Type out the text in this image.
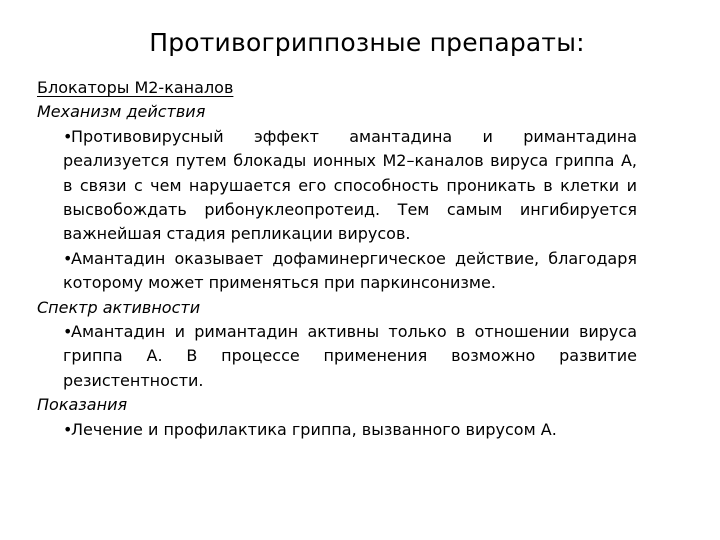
Противогриппозные препараты:
Блокаторы М2-каналов
Механизм действия
•
Противовирусный эффект амантадина и римантадина реализуется путем блокады ионных М2–каналов вируса гриппа А, в связи с чем нарушается его способность проникать в клетки и высвобождать рибонуклеопротеид. Тем самым ингибируется важнейшая стадия репликации вирусов.
•
Амантадин оказывает дофаминергическое действие, благодаря которому может применяться при паркинсонизме.
Спектр активности
•
Амантадин и римантадин активны только в отношении вируса гриппа А. В процессе применения возможно развитие резистентности.
Показания
•
Лечение и профилактика гриппа, вызванного вирусом А.
